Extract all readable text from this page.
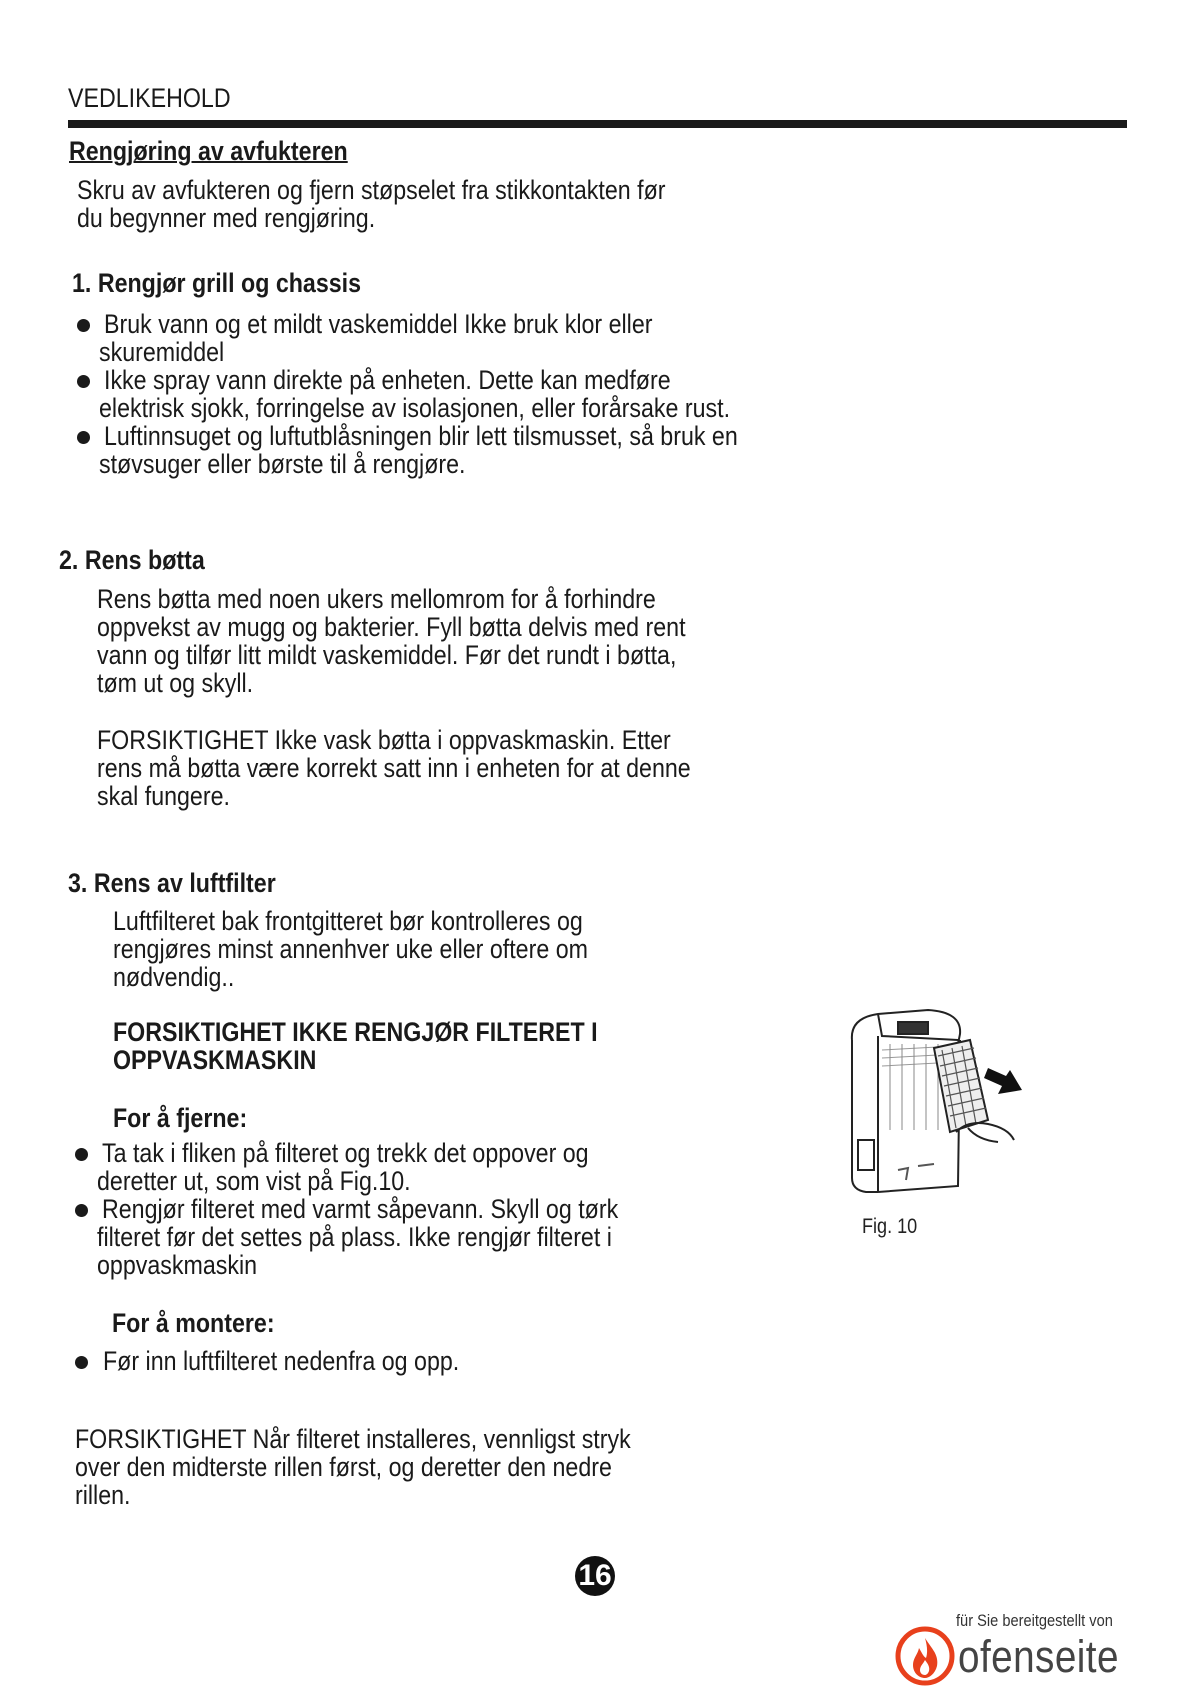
VEDLIKEHOLD
Rengjøring av avfukteren
Skru av avfukteren og fjern støpselet fra stikkontakten før
du begynner med rengjøring.
1. Rengjør grill og chassis
Bruk vann og et mildt vaskemiddel Ikke bruk klor eller
skuremiddel
Ikke spray vann direkte på enheten. Dette kan medføre
elektrisk sjokk, forringelse av isolasjonen, eller forårsake rust.
Luftinnsuget og luftutblåsningen blir lett tilsmusset, så bruk en
støvsuger eller børste til å rengjøre.
2. Rens bøtta
Rens bøtta med noen ukers mellomrom for å forhindre
oppvekst av mugg og bakterier. Fyll bøtta delvis med rent
vann og tilfør litt mildt vaskemiddel. Før det rundt i bøtta,
tøm ut og skyll.
FORSIKTIGHET Ikke vask bøtta i oppvaskmaskin. Etter
rens må bøtta være korrekt satt inn i enheten for at denne
skal fungere.
3. Rens av luftfilter
Luftfilteret bak frontgitteret bør kontrolleres og
rengjøres minst annenhver uke eller oftere om
nødvendig..
FORSIKTIGHET IKKE RENGJØR FILTERET I
OPPVASKMASKIN
For å fjerne:
Ta tak i fliken på filteret og trekk det oppover og
deretter ut, som vist på Fig.10.
Rengjør filteret med varmt såpevann. Skyll og tørk
filteret før det settes på plass. Ikke rengjør filteret i
oppvaskmaskin
For å montere:
Før inn luftfilteret nedenfra og opp.
FORSIKTIGHET Når filteret installeres, vennligst stryk
over den midterste rillen først, og deretter den nedre
rillen.
Fig. 10
16
für Sie bereitgestellt von
ofenseite
